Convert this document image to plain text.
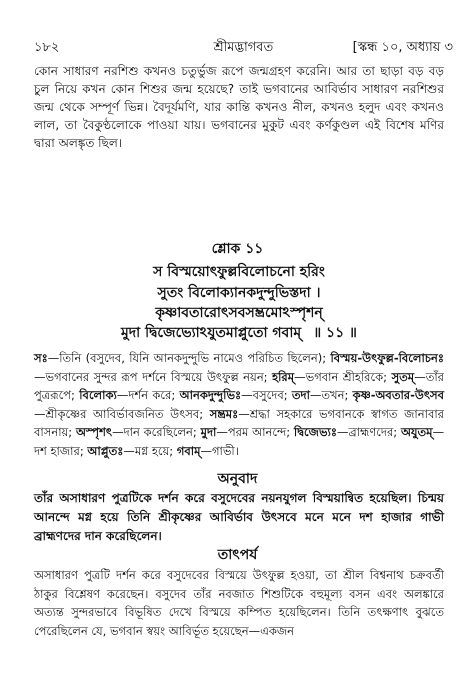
১৮২	শ্রীমদ্ভাগবত	[স্কন্ধ ১০, অধ্যায় ৩
কোন সাধারণ নরশিশু কখনও চতুর্ভুজ রূপে জন্মগ্রহণ করেনি। আর তা ছাড়া বড় বড় চুল নিয়ে কখন কোন শিশুর জন্ম হয়েছে? তাই ভগবানের আবির্ভাব সাধারণ নরশিশুর জন্ম থেকে সম্পূর্ণ ভিন্ন। বৈদূর্যমণি, যার কান্তি কখনও নীল, কখনও হলুদ এবং কখনও লাল, তা বৈকুণ্ঠলোকে পাওয়া যায়। ভগবানের মুকুট এবং কর্ণকুণ্ডল এই বিশেষ মণির দ্বারা অলঙ্কৃত ছিল।
শ্লোক ১১
স বিস্ময়োৎফুল্লবিলোচনো হরিং
সুতং বিলোক্যানকদুন্দুভিস্তদা ।
কৃষ্ণাবতারোৎসবসম্ভ্রমোঽস্পৃশন্
মুদা দ্বিজেভ্যোঽযুতমাপ্লুতো গবাম্ ॥ ১১ ॥
সঃ—তিনি (বসুদেব, যিনি আনকদুন্দুভি নামেও পরিচিত ছিলেন); বিস্ময়-উৎফুল্ল-বিলোচনঃ—ভগবানের সুন্দর রূপ দর্শনে বিস্ময়ে উৎফুল্ল নয়ন; হরিম্—ভগবান শ্রীহরিকে; সুতম্—তাঁর পুত্ররূপে; বিলোক্য—দর্শন করে; আনকদুন্দুভিঃ—বসুদেব; তদা—তখন; কৃষ্ণ-অবতার-উৎসব—শ্রীকৃষ্ণের আবির্ভাবজনিত উৎসব; সম্ভ্রমঃ—শ্রদ্ধা সহকারে ভগবানকে স্বাগত জানাবার বাসনায়; অস্পৃশৎ—দান করেছিলেন; মুদা—পরম আনন্দে; দ্বিজেভ্যঃ—ব্রাহ্মণদের; অযুতম্—দশ হাজার; আপ্লুতঃ—মগ্ন হয়ে; গবাম্—গাভী।
অনুবাদ
তাঁর অসাধারণ পুত্রটিকে দর্শন করে বসুদেবের নয়নযুগল বিস্ময়ান্বিত হয়েছিল। চিন্ময় আনন্দে মগ্ন হয়ে তিনি শ্রীকৃষ্ণের আবির্ভাব উৎসবে মনে মনে দশ হাজার গাভী ব্রাহ্মণদের দান করেছিলেন।
তাৎপর্য
অসাধারণ পুত্রটি দর্শন করে বসুদেবের বিস্ময়ে উৎফুল্ল হওয়া, তা শ্রীল বিশ্বনাথ চক্রবর্তী ঠাকুর বিশ্লেষণ করেছেন। বসুদেব তাঁর নবজাত শিশুটিকে বহুমূল্য বসন এবং অলঙ্কারে অত্যন্ত সুন্দরভাবে বিভূষিত দেখে বিস্ময়ে কম্পিত হয়েছিলেন। তিনি তৎক্ষণাৎ বুঝতে পেরেছিলেন যে, ভগবান স্বয়ং আবির্ভূত হয়েছেন—একজন
